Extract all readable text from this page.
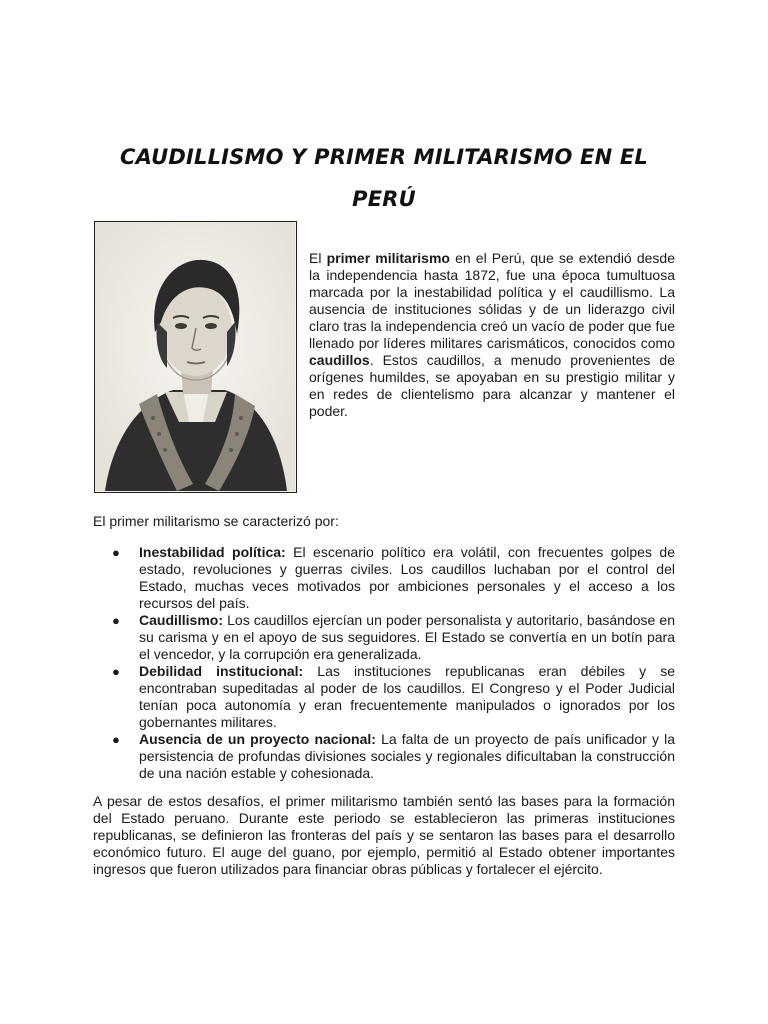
CAUDILLISMO Y PRIMER MILITARISMO EN EL PERÚ

El primer militarismo en el Perú, que se extendió desde la independencia hasta 1872, fue una época tumultuosa marcada por la inestabilidad política y el caudillismo. La ausencia de instituciones sólidas y de un liderazgo civil claro tras la independencia creó un vacío de poder que fue llenado por líderes militares carismáticos, conocidos como caudillos. Estos caudillos, a menudo provenientes de orígenes humildes, se apoyaban en su prestigio militar y en redes de clientelismo para alcanzar y mantener el poder.

El primer militarismo se caracterizó por:

● Inestabilidad política: El escenario político era volátil, con frecuentes golpes de estado, revoluciones y guerras civiles. Los caudillos luchaban por el control del Estado, muchas veces motivados por ambiciones personales y el acceso a los recursos del país.
● Caudillismo: Los caudillos ejercían un poder personalista y autoritario, basándose en su carisma y en el apoyo de sus seguidores. El Estado se convertía en un botín para el vencedor, y la corrupción era generalizada.
● Debilidad institucional: Las instituciones republicanas eran débiles y se encontraban supeditadas al poder de los caudillos. El Congreso y el Poder Judicial tenían poca autonomía y eran frecuentemente manipulados o ignorados por los gobernantes militares.
● Ausencia de un proyecto nacional: La falta de un proyecto de país unificador y la persistencia de profundas divisiones sociales y regionales dificultaban la construcción de una nación estable y cohesionada.

A pesar de estos desafíos, el primer militarismo también sentó las bases para la formación del Estado peruano. Durante este periodo se establecieron las primeras instituciones republicanas, se definieron las fronteras del país y se sentaron las bases para el desarrollo económico futuro. El auge del guano, por ejemplo, permitió al Estado obtener importantes ingresos que fueron utilizados para financiar obras públicas y fortalecer el ejército.
